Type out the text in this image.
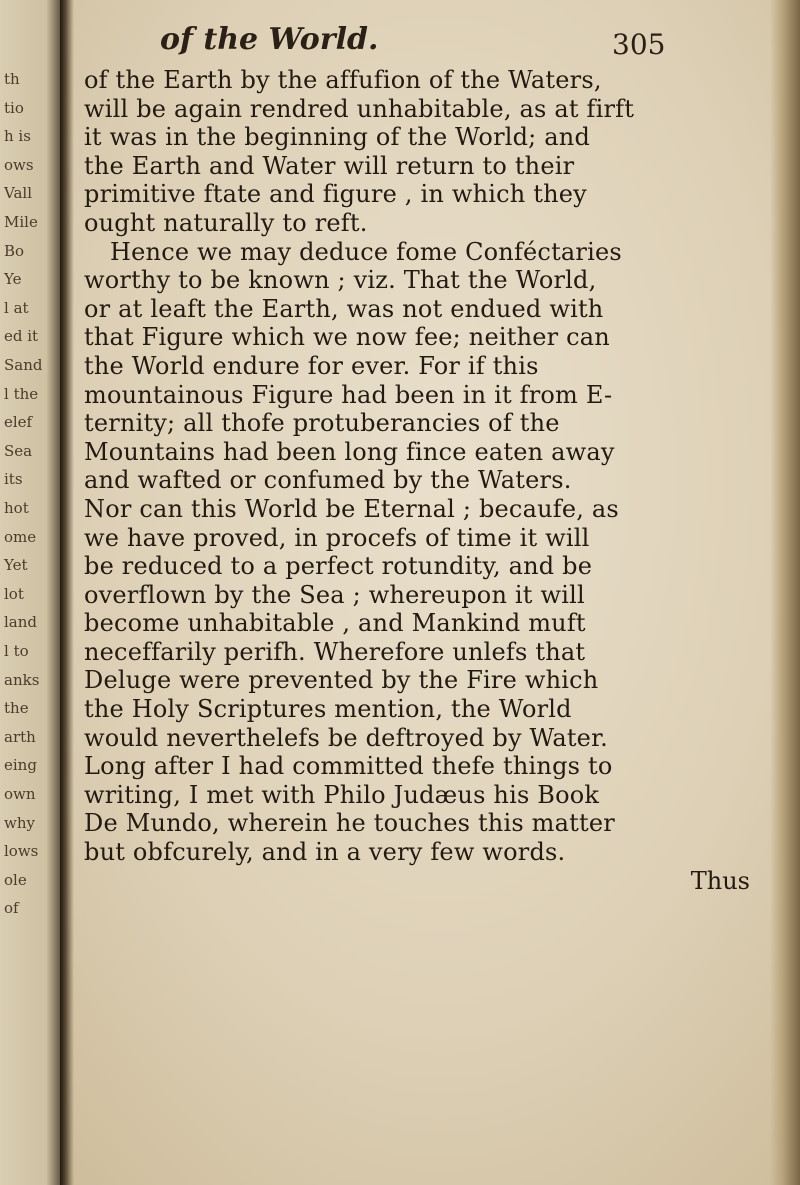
th
tio
h is
ows
Vall
Mile
Bo
Ye
l at
ed it
Sand
l the
elef
Sea
its
hot
ome
Yet
lot
land
l to
anks
the
arth
eing
own
why
lows
ole
of
of the World.	305
of the Earth by the affufion of the Waters,
will be again rendred unhabitable, as at firft
it was in the beginning of the World; and
the Earth and Water will return to their
primitive ftate and figure , in which they
ought naturally to reft.
Hence we may deduce fome Conféctaries
worthy to be known ; viz. That the World,
or at leaft the Earth, was not endued with
that Figure which we now fee; neither can
the World endure for ever. For if this
mountainous Figure had been in it from E-
ternity; all thofe protuberancies of the
Mountains had been long fince eaten away
and wafted or confumed by the Waters.
Nor can this World be Eternal ; becaufe, as
we have proved, in procefs of time it will
be reduced to a perfect rotundity, and be
overflown by the Sea ; whereupon it will
become unhabitable , and Mankind muft
neceffarily perifh. Wherefore unlefs that
Deluge were prevented by the Fire which
the Holy Scriptures mention, the World
would neverthelefs be deftroyed by Water.
Long after I had committed thefe things to
writing, I met with Philo Judæus his Book
De Mundo, wherein he touches this matter
but obfcurely, and in a very few words.
Thus
